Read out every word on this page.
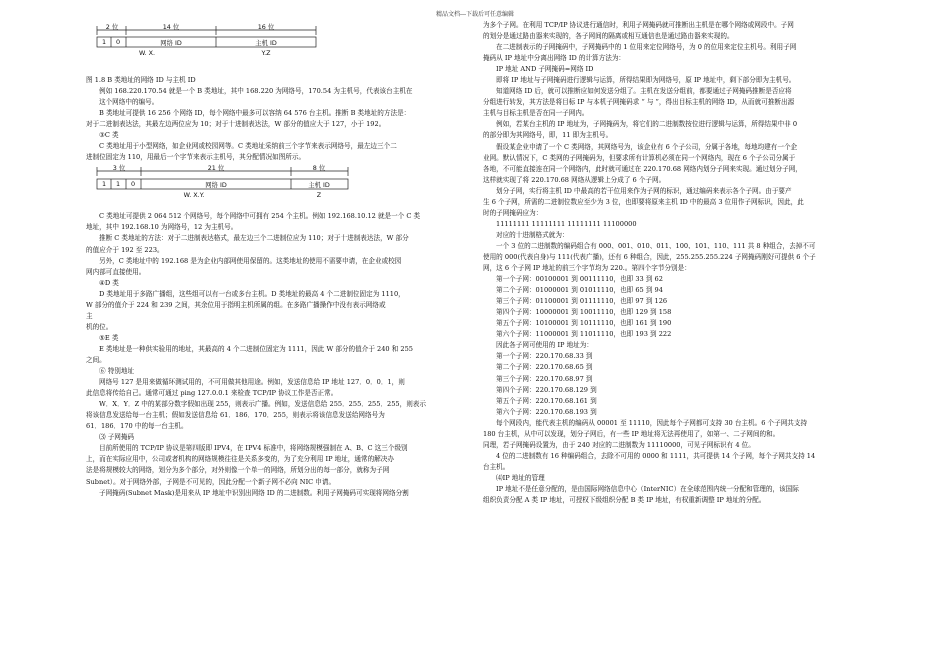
精品文档---下载后可任意编辑
2 位	14 位	16 位
1 0	网络 ID	主机 ID
W. X.	Y.Z

图 1.8 B 类地址的网络 ID 与主机 ID

例如 168.220.170.54 就是一个 B 类地址，其中 168.220 为网络号，170.54 为主机号，代表该台主机在

这个网络中的编号。

B 类地址可提供 16 256 个网络 ID，每个网络中最多可以容纳 64 576 台主机。推断 B 类地址的方法是：

对于二进制表达法，其最左边两位应为 10；对于十进制表达法，W 部分的值应大于 127，小于 192。

③C 类

C 类地址用于小型网络，如企业网或校园网等。C 类地址采纳前三个字节来表示网络号，最左边三个二

进制位固定为 110，用最后一个字节来表示主机号，其分配情况如图所示。

3 位	21 位	8 位
1 1 0	网络 ID	主机 ID
W. X.Y.	Z

C 类地址可提供 2 064 512 个网络号，每个网络中可拥有 254 个主机。例如 192.168.10.12 就是一个 C 类

地址，其中 192.168.10 为网络号，12 为主机号。

推断 C 类地址的方法：对于二进制表达格式，最左边三个二进制位应为 110；对于十进制表达法，W 部分

的值应介于 192 至 223。

另外，C 类地址中的 192.168 是为企业内部网使用保留的。这类地址的使用不需要申请，在企业或校园

网内部可直接使用。

④D 类

D 类地址用于多路广播组，这些组可以有一台或多台主机。D 类地址的最高 4 个二进制位固定为 1110，

W 部分的值介于 224 和 239 之间，其余位用于指明主机所属的组。在多路广播操作中没有表示网络或

主

机的位。

⑤E 类

E 类地址是一种供实验用的地址，其最高的 4 个二进制位固定为 1111，因此 W 部分的值介于 240 和 255

之间。

⑥ 特别地址

网络号 127 是用来做循环测试用的，不可用做其他用途。例如，发送信息给 IP 地址 127．0．0．1，则

此信息将传给自己。通常可通过 ping 127.0.0.1 来检查 TCP/IP 协议工作是否正常。

W．X．Y．Z 中的某部分数字假如出现 255，则表示广播。例如，发送信息给 255．255．255．255，则表示

将该信息发送给每一台主机；假如发送信息给 61．186．170．255，则表示将该信息发送给网络号为

61．186．170 中的每一台主机。

⑶ 子网掩码

目前所使用的 TCP/IP 协议是第四版即 IPV4，在 IPV4 标准中，将网络规模强制在 A、B、C 这三个级别

上，而在实际应用中，公司或者机构的网络规模往往是关系多变的，为了充分利用 IP 地址，通常的解决办

法是将规模较大的网络，划分为多个部分，对外则像一个单一的网络，所划分出的每一部分，就称为子网

Subnet）。对于网络外部，子网是不可见的，因此分配一个新子网不必向 NIC 申请。

子网掩码(Subnet Mask)是用来从 IP 地址中识别出网络 ID 的二进制数。利用子网掩码可实现将网络分割

为多个子网。在利用 TCP/IP 协议进行通信时，利用子网掩码就可推断出主机是在哪个网络或网段中。子网

的划分是通过路由器来实现的，各子网间的隔离或相互通信也是通过路由器来实现的。

在二进制表示的子网掩码中，子网掩码中的 1 位用来定位网络号，为 0 的位用来定位主机号。利用子网

掩码从 IP 地址中分离出网络 ID 的计算方法为：

IP 地址 AND 子网掩码=网络 ID

即将 IP 地址与子网掩码进行逻辑与运算，所得结果即为网络号，原 IP 地址中，剩下部分即为主机号。

知道网络 ID 后，就可以推断应如何发送分组了。主机在发送分组前，都要通过子网掩码推断是否应将

分组进行转发，其方法是将目标 IP 与本机子网掩码求 “ 与 ”，得出目标主机的网络 ID，从而就可推断出源

主机与目标主机是否在同一子网内。

例如，若某台主机的 IP 地址为，子网掩码为，将它们的二进制数按位进行逻辑与运算，所得结果中非 0

的部分即为其网络号，即，11 即为主机号。

假设某企业申请了一个 C 类网络，其网络号为，该企业有 6 个子公司，分属于各地，每地均建有一个企

业网。默认情况下，C 类网的子网掩码为，但要求所有计算机必须在同一个网络内，现在 6 个子公司分属于

各地，不可能直接连在同一个网络内，此时就可通过在 220.170.68 网络内划分子网来实现。通过划分子网，

这样就实现了将 220.170.68 网络从逻辑上分成了 6 个子网。

划分子网，实行将主机 ID 中最高的若干位用来作为子网的标识，通过编码来表示各个子网。由于要产

生 6 个子网，所需的二进制位数应至少为 3 位，也即要将原来主机 ID 中的最高 3 位用作子网标识，因此，此

时的子网掩码应为：

11111111 11111111 11111111 11100000

对应的十进制格式就为：

一个 3 位的二进制数的编码组合有 000、001、010、011、100、101、110、111 共 8 种组合，去掉不可

使用的 000(代表自身)与 111(代表广播)，还有 6 种组合，因此，255.255.255.224 子网掩码刚好可提供 6 个子

网，这 6 个子网 IP 地址的前三个字节均为 220.。第四个字节分别是：

第一个子网：00100001 到 00111110，也即 33 到 62

第二个子网：01000001 到 01011110，也即 65 到 94

第三个子网：01100001 到 01111110，也即 97 到 126

第四个子网：10000001 到 10011110，也即 129 到 158

第五个子网：10100001 到 10111110，也即 161 到 190

第六个子网：11000001 到 11011110，也即 193 到 222

因此各子网可使用的 IP 地址为：

第一个子网：220.170.68.33 到

第二个子网：220.170.68.65 到

第三个子网：220.170.68.97 到

第四个子网：220.170.68.129 到

第五个子网：220.170.68.161 到

第六个子网：220.170.68.193 到

每个网段内，能代表主机的编码从 00001 至 11110，因此每个子网都可支持 30 台主机。6 个子网共支持

180 台主机，从中可以发现，划分子网后，有一些 IP 地址将无法再使用了，如第一、二子网间的和。

同理，若子网掩码设置为，由于 240 对应的二进制数为 11110000，可见子网标识有 4 位。

4 位的二进制数有 16 种编码组合，去除不可用的 0000 和 1111，共可提供 14 个子网，每个子网共支持 14

台主机。

⑷IP 地址的管理

IP 地址不是任意分配的，是由国际网络信息中心（InterNIC）在全球范围内统一分配和管理的，该国际

组织负责分配 A 类 IP 地址，可授权下级组织分配 B 类 IP 地址，有权重新调整 IP 地址的分配。
